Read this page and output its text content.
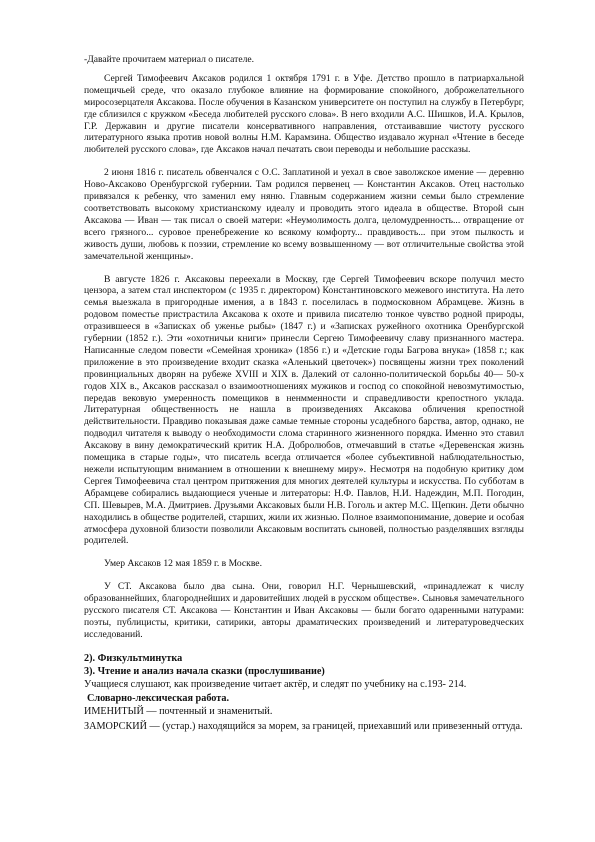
-Давайте прочитаем материал о писателе.

Сергей Тимофеевич Аксаков родился 1 октября 1791 г. в Уфе. Детство прошло в патриархальной помещичьей среде, что оказало глубокое влияние на формирование спокойного, доброжелательного миросозерцателя Аксакова. После обучения в Казанском университете он поступил на службу в Петербург, где сблизился с кружком «Беседа любителей русского слова». В него входили А.С. Шишков, И.А. Крылов, Г.Р. Державин и другие писатели консервативного направления, отстаивавшие чистоту русского литературного языка против новой волны Н.М. Карамзина. Общество издавало журнал «Чтение в беседе любителей русского слова», где Аксаков начал печатать свои переводы и небольшие рассказы.

2 июня 1816 г. писатель обвенчался с О.С. Заплатиной и уехал в свое заволжское имение — деревню Ново-Аксаково Оренбургской губернии. Там родился первенец — Константин Аксаков. Отец настолько привязался к ребенку, что заменил ему няню. Главным содержанием жизни семьи было стремление соответствовать высокому христианскому идеалу и проводить этого идеала в обществе. Второй сын Аксакова — Иван — так писал о своей матери: «Неумолимость долга, целомудренность... отвращение от всего грязного... суровое пренебрежение ко всякому комфорту... правдивость... при этом пылкость и живость души, любовь к поэзии, стремление ко всему возвышенному — вот отличительные свойства этой замечательной женщины».

В августе 1826 г. Аксаковы переехали в Москву, где Сергей Тимофеевич вскоре получил место цензора, а затем стал инспектором (с 1935 г. директором) Константиновского межевого института. На лето семья выезжала в пригородные имения, а в 1843 г. поселилась в подмосковном Абрамцеве. Жизнь в родовом поместье пристрастила Аксакова к охоте и привила писателю тонкое чувство родной природы, отразившееся в «Записках об уженье рыбы» (1847 г.) и «Записках ружейного охотника Оренбургской губернии (1852 г.). Эти «охотничьи книги» принесли Сергею Тимофеевичу славу признанного мастера. Написанные следом повести «Семейная хроника» (1856 г.) и «Детские годы Багрова внука» (1858 г.; как приложение в это произведение входит сказка «Аленький цветочек») посвящены жизни трех поколений провинциальных дворян на рубеже XVIII и XIX в. Далекий от салонно-политической борьбы 40— 50-х годов XIX в., Аксаков рассказал о взаимоотношениях мужиков и господ со спокойной невозмутимостью, передав вековую умеренность помещиков в ненмменности и справедливости крепостного уклада. Литературная общественность не нашла в произведениях Аксакова обличения крепостной действительности. Правдиво показывая даже самые темные стороны усадебного барства, автор, однако, не подводил читателя к выводу о необходимости слома старинного жизненного порядка. Именно это ставил Аксакову в вину демократический критик Н.А. Добролюбов, отмечавший в статье «Деревенская жизнь помещика в старые годы», что писатель всегда отличается «более субъективной наблюдательностью, нежели испытующим вниманием в отношении к внешнему миру». Несмотря на подобную критику дом Сергея Тимофеевича стал центром притяжения для многих деятелей культуры и искусства. По субботам в Абрамцеве собирались выдающиеся ученые и литераторы: Н.Ф. Павлов, Н.И. Надеждин, М.П. Погодин, СП. Шевырев, М.А. Дмитриев. Друзьями Аксаковых были Н.В. Гоголь и актер М.С. Щепкин. Дети обычно находились в обществе родителей, старших, жили их жизнью. Полное взаимопонимание, доверие и особая атмосфера духовной близости позволили Аксаковым воспитать сыновей, полностью разделявших взгляды родителей.

Умер Аксаков 12 мая 1859 г. в Москве.

У СТ. Аксакова было два сына. Они, говорил Н.Г. Чернышевский, «принадлежат к числу образованнейших, благороднейших и даровитейших людей в русском обществе». Сыновья замечательного русского писателя СТ. Аксакова — Константин и Иван Аксаковы — были богато одаренными натурами: поэты, публицисты, критики, сатирики, авторы драматических произведений и литературоведческих исследований.

2). Физкультминутка

3). Чтение и анализ начала сказки (прослушивание)

Учащиеся слушают, как произведение читает актёр, и следят по учебнику на с.193- 214.

Словарно-лексическая работа.

ИМЕНИТЫЙ — почтенный и знаменитый.

ЗАМОРСКИЙ — (устар.) находящийся за морем, за границей, приехавший или привезенный оттуда.
